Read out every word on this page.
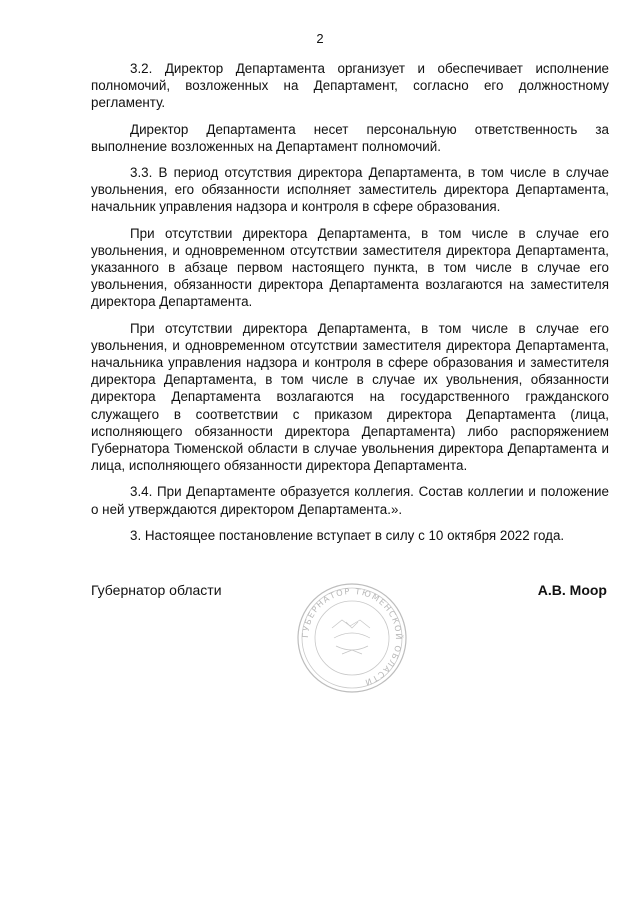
2

3.2. Директор Департамента организует и обеспечивает исполнение полномочий, возложенных на Департамент, согласно его должностному регламенту.

Директор Департамента несет персональную ответственность за выполнение возложенных на Департамент полномочий.

3.3. В период отсутствия директора Департамента, в том числе в случае увольнения, его обязанности исполняет заместитель директора Департамента, начальник управления надзора и контроля в сфере образования.

При отсутствии директора Департамента, в том числе в случае его увольнения, и одновременном отсутствии заместителя директора Департамента, указанного в абзаце первом настоящего пункта, в том числе в случае его увольнения, обязанности директора Департамента возлагаются на заместителя директора Департамента.

При отсутствии директора Департамента, в том числе в случае его увольнения, и одновременном отсутствии заместителя директора Департамента, начальника управления надзора и контроля в сфере образования и заместителя директора Департамента, в том числе в случае их увольнения, обязанности директора Департамента возлагаются на государственного гражданского служащего в соответствии с приказом директора Департамента (лица, исполняющего обязанности директора Департамента) либо распоряжением Губернатора Тюменской области в случае увольнения директора Департамента и лица, исполняющего обязанности директора Департамента.

3.4. При Департаменте образуется коллегия. Состав коллегии и положение о ней утверждаются директором Департамента.».

3. Настоящее постановление вступает в силу с 10 октября 2022 года.

Губернатор области
ГУБЕРНАТОР ТЮМЕНСКОЙ ОБЛАСТИ
А.В. Моор
